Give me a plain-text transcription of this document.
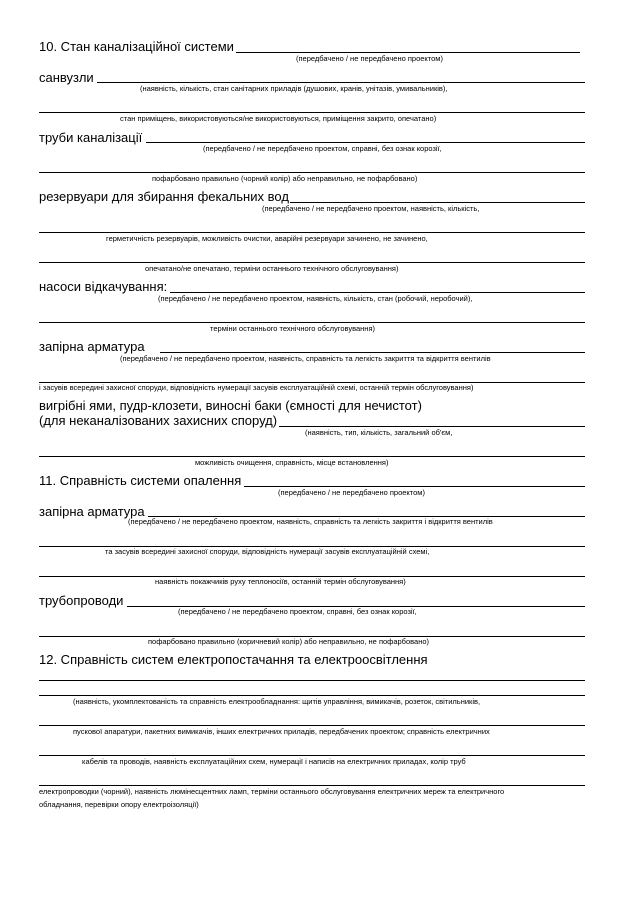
10. Стан каналізаційної системи
(передбачено / не передбачено проектом)
санвузли
(наявність, кількість, стан санітарних приладів (душових, кранів, унітазів, умивальників),
стан приміщень, використовуються/не використовуються, приміщення закрито, опечатано)
труби каналізації
(передбачено / не передбачено проектом, справні, без ознак корозії,
пофарбовано правильно (чорний колір) або неправильно, не пофарбовано)
резервуари для збирання фекальних вод
(передбачено / не передбачено проектом, наявність, кількість,
герметичність резервуарів, можливість очистки, аварійні резервуари зачинено, не зачинено,
опечатано/не опечатано, терміни останнього технічного обслуговування)
насоси відкачування:
(передбачено / не передбачено проектом, наявність, кількість, стан (робочий, неробочий),
терміни останнього технічного обслуговування)
запірна арматура
(передбачено / не передбачено проектом, наявність, справність та легкість закриття та відкриття вентилів
і засувів всередині захисної споруди, відповідність нумерації засувів експлуатаційній схемі, останній термін обслуговування)
вигрібні ями, пудр-клозети, виносні баки (ємності для нечистот)
(для неканалізованих захисних споруд)
(наявність, тип, кількість, загальний об'єм,
можливість очищення, справність, місце встановлення)
11. Справність системи опалення
(передбачено / не передбачено проектом)
запірна арматура
(передбачено / не передбачено проектом, наявність, справність та легкість закриття і відкриття вентилів
та засувів всередині захисної споруди, відповідність нумерації засувів експлуатаційній схемі,
наявність покажчиків руху теплоносіїв, останній термін обслуговування)
трубопроводи
(передбачено / не передбачено проектом, справні, без ознак корозії,
пофарбовано правильно (коричневий колір) або неправильно, не пофарбовано)
12. Справність систем електропостачання та електроосвітлення
(наявність, укомплектованість та справність електрообладнання: щитів управління, вимикачів, розеток, світильників,
пускової апаратури, пакетних вимикачів, інших електричних приладів, передбачених проектом; справність електричних
кабелів та проводів, наявність експлуатаційних схем, нумерації і написів на електричних приладах, колір труб
електропроводки (чорний), наявність люмінесцентних ламп, терміни останнього обслуговування електричних мереж та електричного
обладнання, перевірки опору електроізоляції)
